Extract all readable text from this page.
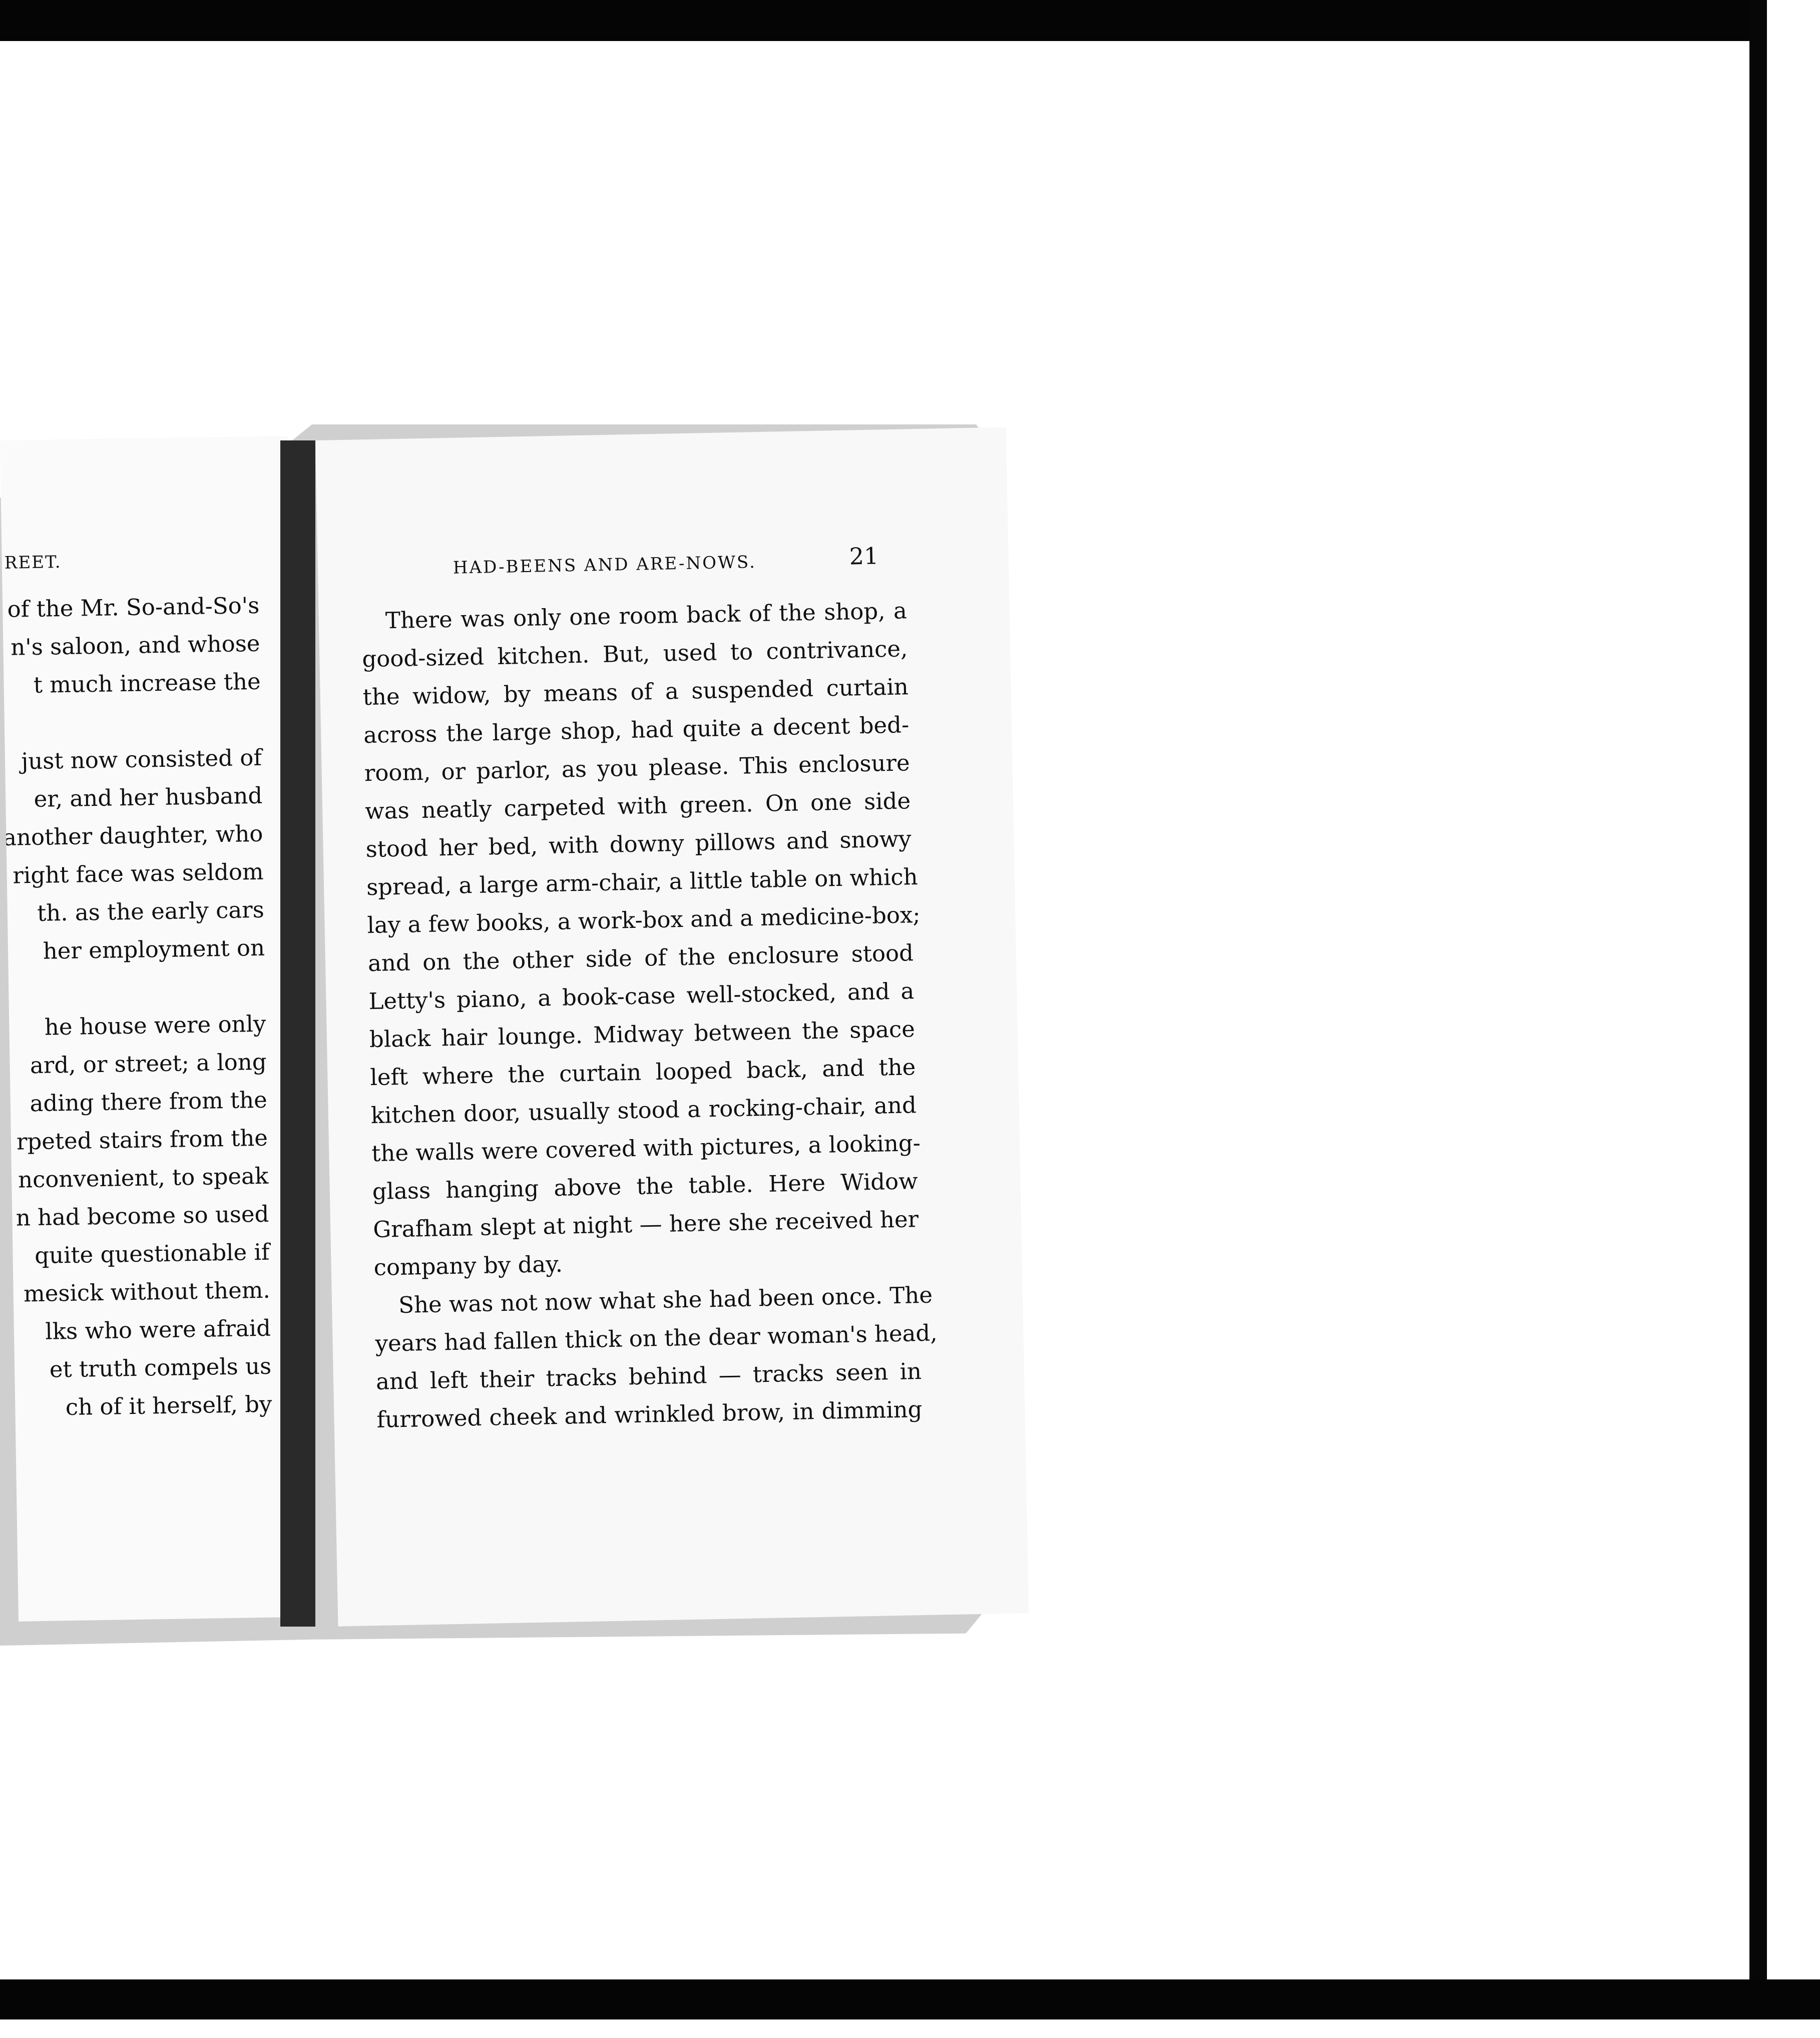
REET.
of the Mr. So-and-So's
n's saloon, and whose
t much increase the
just now consisted of
er, and her husband
another daughter, who
right face was seldom
th. as the early cars
her employment on
he house were only
ard, or street; a long
ading there from the
rpeted stairs from the
nconvenient, to speak
n had become so used
quite questionable if
mesick without them.
lks who were afraid
et truth compels us
ch of it herself, by
HAD-BEENS AND ARE-NOWS.	21
There was only one room back of the shop, a
good-sized kitchen. But, used to contrivance,
the widow, by means of a suspended curtain
across the large shop, had quite a decent bed-
room, or parlor, as you please. This enclosure
was neatly carpeted with green. On one side
stood her bed, with downy pillows and snowy
spread, a large arm-chair, a little table on which
lay a few books, a work-box and a medicine-box;
and on the other side of the enclosure stood
Letty's piano, a book-case well-stocked, and a
black hair lounge. Midway between the space
left where the curtain looped back, and the
kitchen door, usually stood a rocking-chair, and
the walls were covered with pictures, a looking-
glass hanging above the table. Here Widow
Grafham slept at night — here she received her
company by day.
She was not now what she had been once. The
years had fallen thick on the dear woman's head,
and left their tracks behind — tracks seen in
furrowed cheek and wrinkled brow, in dimming
